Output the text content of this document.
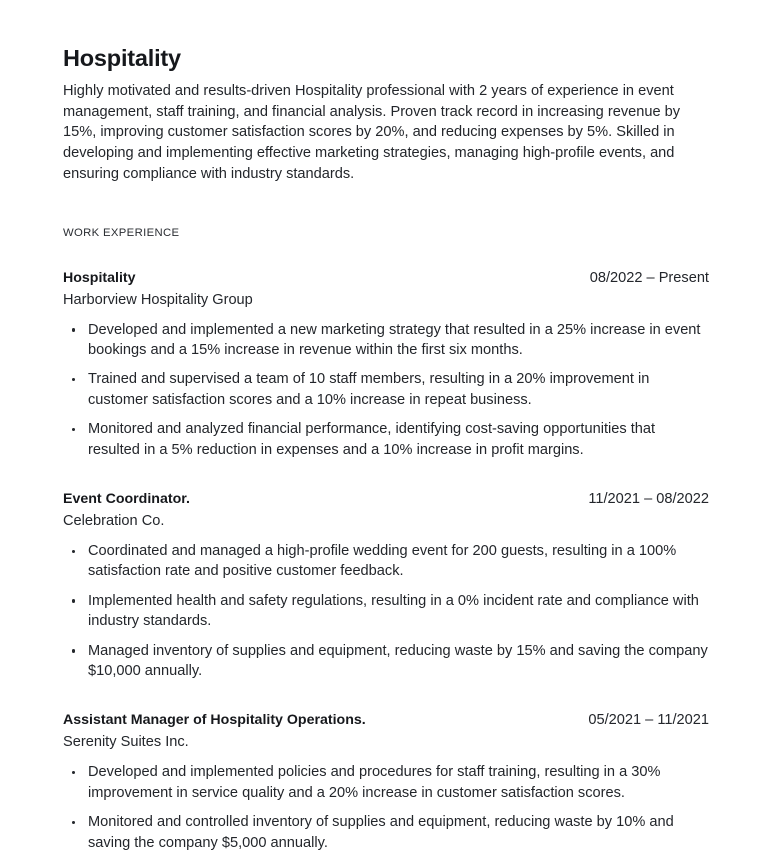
Hospitality

Highly motivated and results-driven Hospitality professional with 2 years of experience in event management, staff training, and financial analysis. Proven track record in increasing revenue by 15%, improving customer satisfaction scores by 20%, and reducing expenses by 5%. Skilled in developing and implementing effective marketing strategies, managing high-profile events, and ensuring compliance with industry standards.

WORK EXPERIENCE
Hospitality	08/2022 – Present
Harborview Hospitality Group
Developed and implemented a new marketing strategy that resulted in a 25% increase in event bookings and a 15% increase in revenue within the first six months.
Trained and supervised a team of 10 staff members, resulting in a 20% improvement in customer satisfaction scores and a 10% increase in repeat business.
Monitored and analyzed financial performance, identifying cost-saving opportunities that resulted in a 5% reduction in expenses and a 10% increase in profit margins.
Event Coordinator.	11/2021 – 08/2022
Celebration Co.
Coordinated and managed a high-profile wedding event for 200 guests, resulting in a 100% satisfaction rate and positive customer feedback.
Implemented health and safety regulations, resulting in a 0% incident rate and compliance with industry standards.
Managed inventory of supplies and equipment, reducing waste by 15% and saving the company $10,000 annually.
Assistant Manager of Hospitality Operations.	05/2021 – 11/2021
Serenity Suites Inc.
Developed and implemented policies and procedures for staff training, resulting in a 30% improvement in service quality and a 20% increase in customer satisfaction scores.
Monitored and controlled inventory of supplies and equipment, reducing waste by 10% and saving the company $5,000 annually.
